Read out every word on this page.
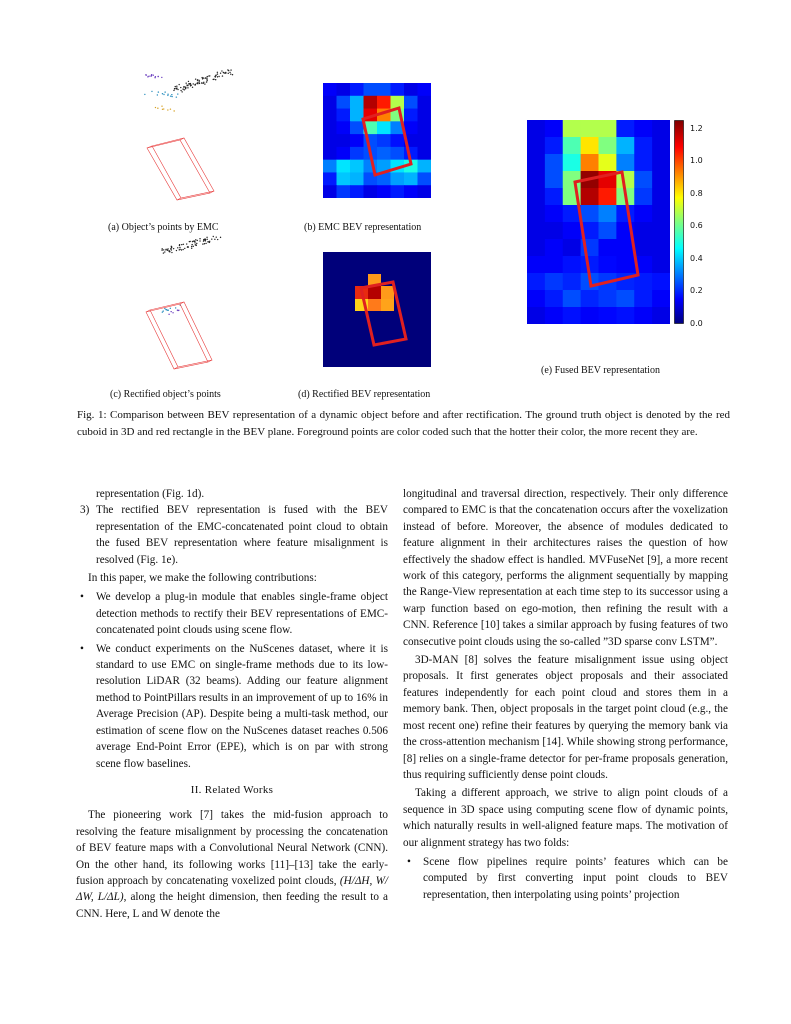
(a) Object’s points by EMC	(b) EMC BEV representation
(c) Rectified object’s points	(d) Rectified BEV representation
1.2
1.0
0.8
0.6
0.4
0.2
0.0
(e) Fused BEV representation
Fig. 1: Comparison between BEV representation of a dynamic object before and after rectification. The ground truth object is denoted by the red cuboid in 3D and red rectangle in the BEV plane. Foreground points are color coded such that the hotter their color, the more recent they are.

representation (Fig. 1d).

3) The rectified BEV representation is fused with the BEV representation of the EMC-concatenated point cloud to obtain the fused BEV representation where feature misalignment is resolved (Fig. 1e).

In this paper, we make the following contributions:

• We develop a plug-in module that enables single-frame object detection methods to rectify their BEV representations of EMC-concatenated point clouds using scene flow.
• We conduct experiments on the NuScenes dataset, where it is standard to use EMC on single-frame methods due to its low-resolution LiDAR (32 beams). Adding our feature alignment method to PointPillars results in an improvement of up to 16% in Average Precision (AP). Despite being a multi-task method, our estimation of scene flow on the NuScenes dataset reaches 0.506 average End-Point Error (EPE), which is on par with strong scene flow baselines.
II. Related Works

The pioneering work [7] takes the mid-fusion approach to resolving the feature misalignment by processing the concatenation of BEV feature maps with a Convolutional Neural Network (CNN). On the other hand, its following works [11]–[13] take the early-fusion approach by concatenating voxelized point clouds, (H/ΔH, W/ΔW, L/ΔL), along the height dimension, then feeding the result to a CNN. Here, L and W denote the

longitudinal and traversal direction, respectively. Their only difference compared to EMC is that the concatenation occurs after the voxelization instead of before. Moreover, the absence of modules dedicated to feature alignment in their architectures raises the question of how effectively the shadow effect is handled. MVFuseNet [9], a more recent work of this category, performs the alignment sequentially by mapping the Range-View representation at each time step to its successor using a warp function based on ego-motion, then refining the result with a CNN. Reference [10] takes a similar approach by fusing features of two consecutive point clouds using the so-called ”3D sparse conv LSTM”.

3D-MAN [8] solves the feature misalignment issue using object proposals. It first generates object proposals and their associated features independently for each point cloud and stores them in a memory bank. Then, object proposals in the target point cloud (e.g., the most recent one) refine their features by querying the memory bank via the cross-attention mechanism [14]. While showing strong performance, [8] relies on a single-frame detector for per-frame proposals generation, thus requiring sufficiently dense point clouds.

Taking a different approach, we strive to align point clouds of a sequence in 3D space using computing scene flow of dynamic points, which naturally results in well-aligned feature maps. The motivation of our alignment strategy has two folds:

• Scene flow pipelines require points’ features which can be computed by first converting input point clouds to BEV representation, then interpolating using points’ projection
